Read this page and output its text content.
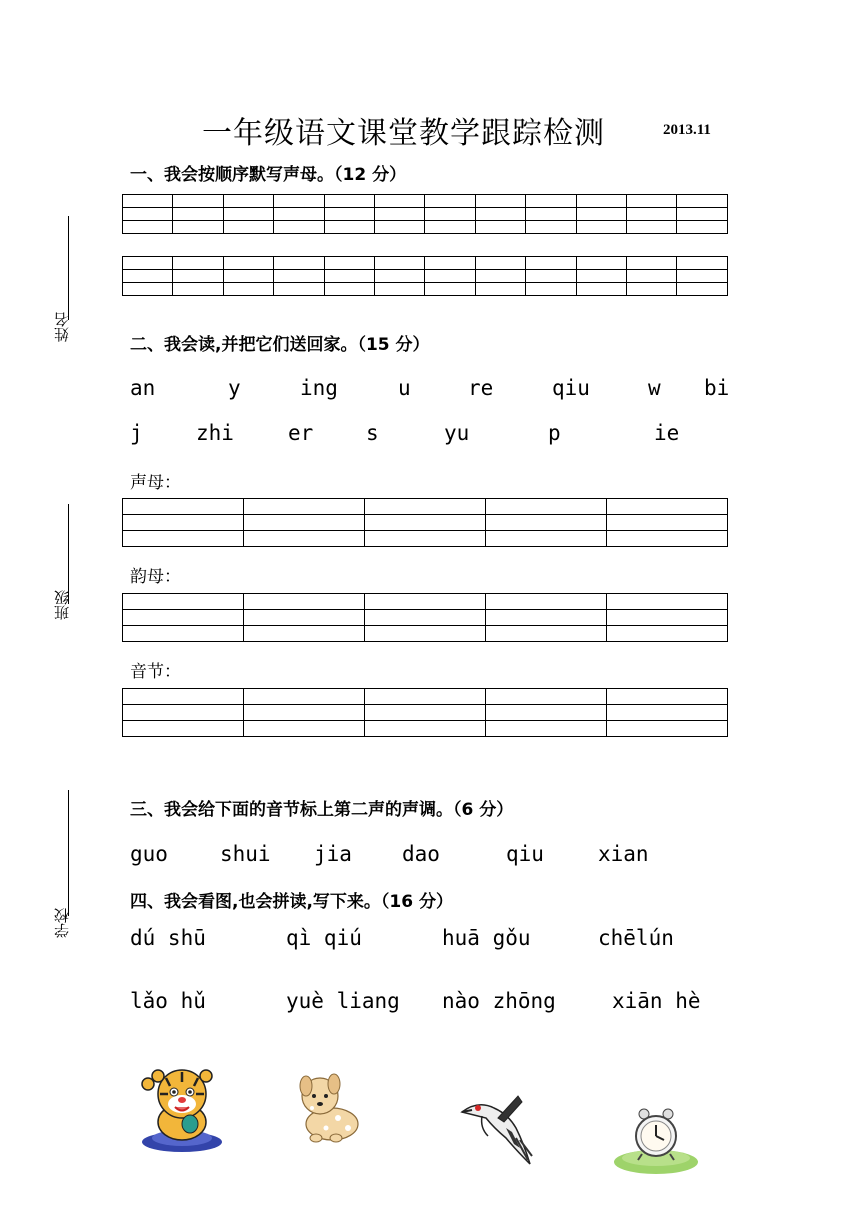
姓名
班级
学校
一年级语文课堂教学跟踪检测	2013.11
一、我会按顺序默写声母。（12 分）

二、我会读,并把它们送回家。（15 分）
an	y	ing	u	re	qiu	w bi
j	zhi	er	s	yu	p	ie
声母：

韵母：

音节：

三、我会给下面的音节标上第二声的声调。（6 分）
guo shui jia dao	qiu	xian
四、我会看图,也会拼读,写下来。（16 分）
dú shū	qì qiú	huā gǒu	chēlún
lǎo hǔ	yuè liang nào zhōng	xiān hè
